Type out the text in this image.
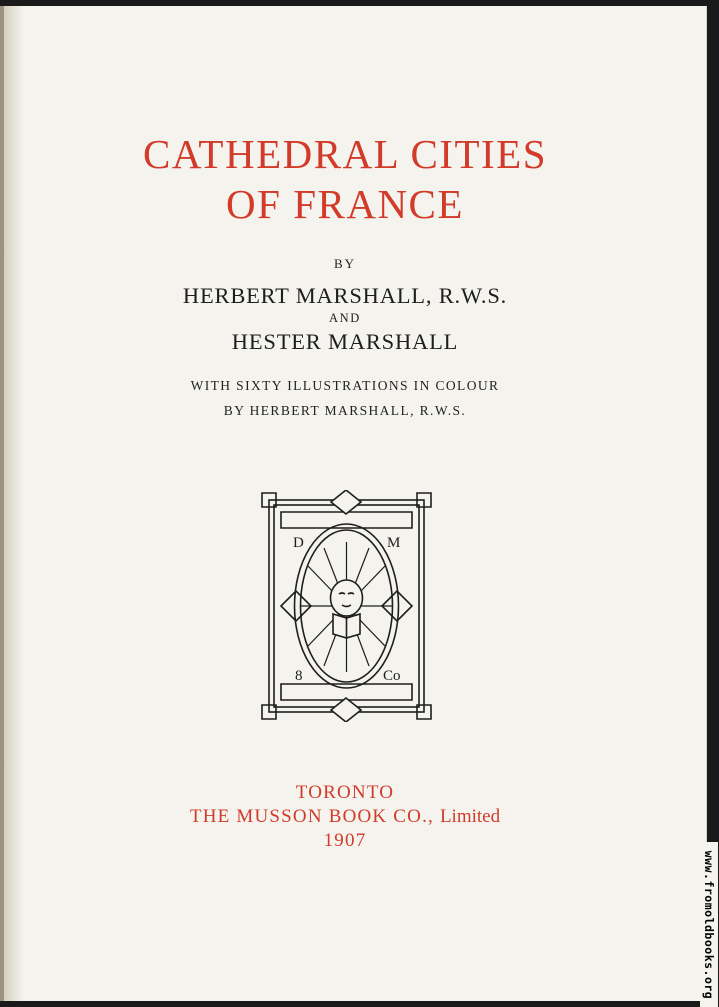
CATHEDRAL CITIES
OF FRANCE
BY
HERBERT MARSHALL, R.W.S.
AND
HESTER MARSHALL
WITH SIXTY ILLUSTRATIONS IN COLOUR
BY HERBERT MARSHALL, R.W.S.
D	M
8	Co
TORONTO
THE MUSSON BOOK CO., Limited
1907
www.fromoldbooks.org
